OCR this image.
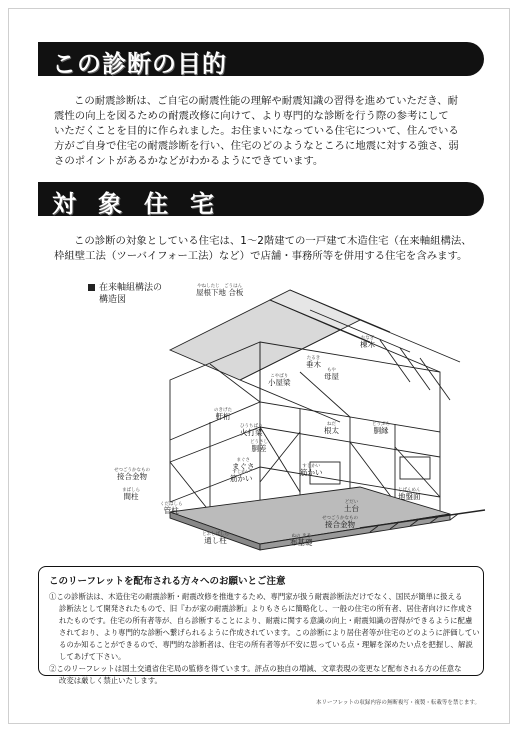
この診断の目的
この耐震診断は、ご自宅の耐震性能の理解や耐震知識の習得を進めていただき、耐
震性の向上を図るための耐震改修に向けて、より専門的な診断を行う際の参考にして
いただくことを目的に作られました。お住まいになっている住宅について、住んでいる
方がご自身で住宅の耐震診断を行い、住宅のどのようなところに地震に対する強さ、弱
さのポイントがあるかなどがわかるようにできています。
対象住宅
この診断の対象としている住宅は、1～2階建ての一戸建て木造住宅（在来軸組構法、
枠組壁工法（ツーバイフォー工法）など）で店舗・事務所等を併用する住宅を含みます。
在来軸組構法の
構造図
やねしたじ　ごうはん
屋根下地 合板
むなぎ
棟木
たるき
垂木
もや
母屋
こやばり
小屋梁
のきげた
軒桁
ひうちばり
火打梁
どうさし
胴差
ねだ
根太
どうぶち
胴縁
まぐさ
まぐさ
すじかい
筋かい
すじかい
筋かい
せつごうかなもの
接合金物
まばしら
間柱
くだばしら
管柱
とおしばしら
通し柱
どだい
土台
じばんめん
地盤面
せつごうかなもの
接合金物
ぬの きそ
布基礎
このリーフレットを配布される方々へのお願いとご注意
①この診断法は、木造住宅の耐震診断・耐震改修を推進するため、専門家が扱う耐震診断法だけでなく、国民が簡単に扱える
診断法として開発されたもので、旧『わが家の耐震診断』よりもさらに簡略化し、一般の住宅の所有者、居住者向けに作成さ
れたものです。住宅の所有者等が、自ら診断することにより、耐震に関する意識の向上・耐震知識の習得ができるように配慮
されており、より専門的な診断へ繋げられるように作成されています。この診断により居住者等が住宅のどのように評価してい
るのか知ることができるので、専門的な診断者は、住宅の所有者等が不安に思っている点・理解を深めたい点を把握し、解説
してあげて下さい。
②このリーフレットは国土交通省住宅局の監修を得ています。評点の独自の増減、文章表現の変更など配布される方の任意な
改変は厳しく禁止いたします。
本リーフレットの収録内容の無断複写・複製・転載等を禁じます。
